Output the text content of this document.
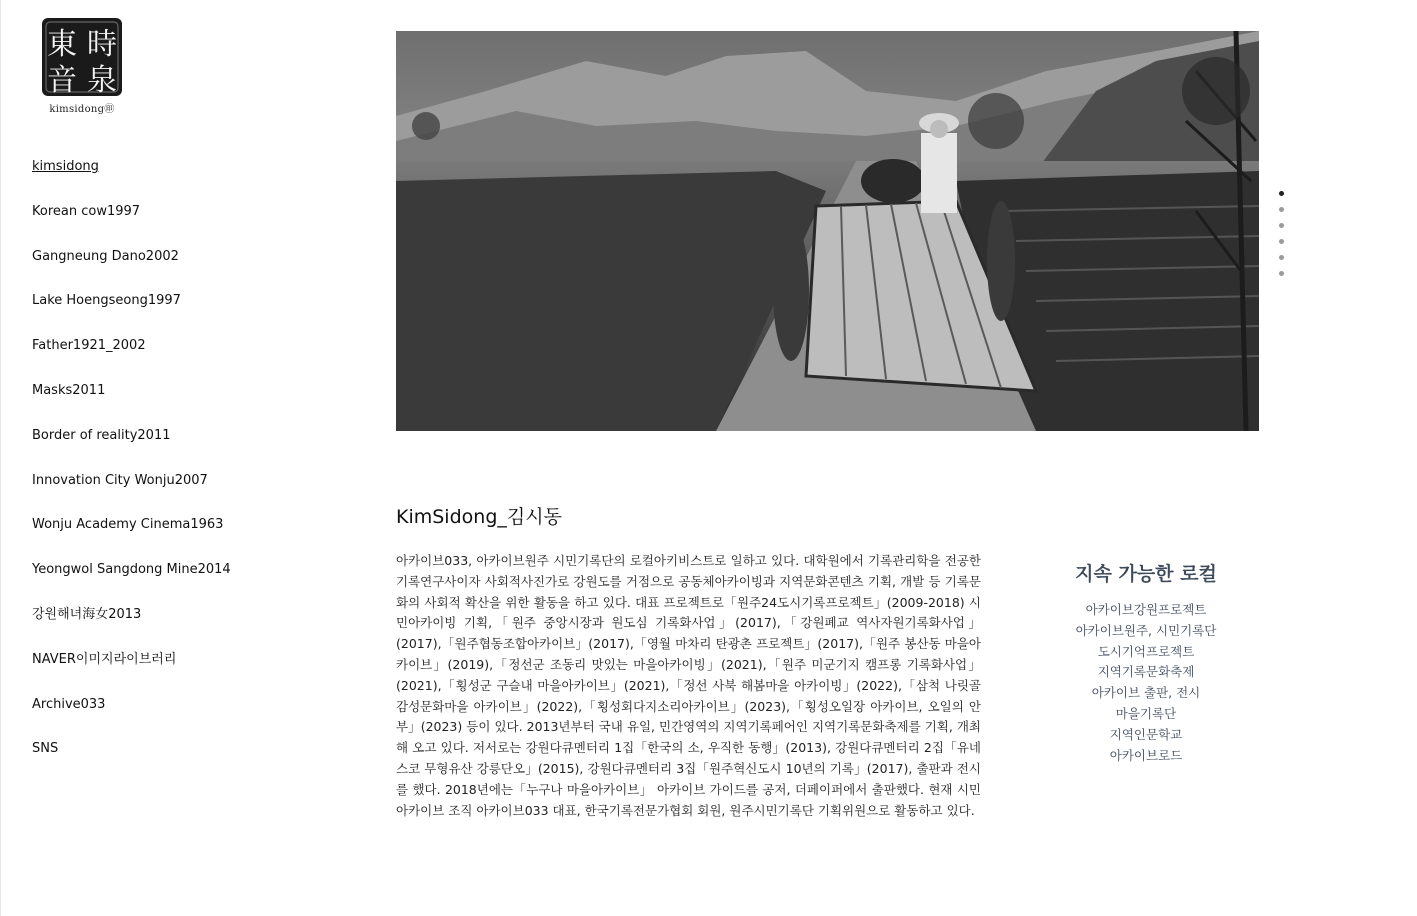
時
東
音 泉
kimsidong㊞
kimsidong
Korean cow1997
Gangneung Dano2002
Lake Hoengseong1997
Father1921_2002
Masks2011
Border of reality2011
Innovation City Wonju2007
Wonju Academy Cinema1963
Yeongwol Sangdong Mine2014
강원해녀海女2013
NAVER이미지라이브러리
Archive033
SNS
KimSidong_김시동

아카이브033, 아카이브원주 시민기록단의 로컬아키비스트로 일하고 있다. 대학원에서 기록관리학을 전공한 기록연구사이자 사회적사진가로 강원도를 거점으로 공동체아카이빙과 지역문화콘텐츠 기획, 개발 등 기록문화의 사회적 확산을 위한 활동을 하고 있다. 대표 프로젝트로「원주24도시기록프로젝트」(2009-2018) 시민아카이빙 기획,「원주 중앙시장과 원도심 기록화사업」(2017),「강원폐교 역사자원기록화사업」(2017),「원주협동조합아카이브」(2017),「영월 마차리 탄광촌 프로젝트」(2017),「원주 봉산동 마을아카이브」(2019),「정선군 조동리 맛있는 마을아카이빙」(2021),「원주 미군기지 캠프롱 기록화사업」(2021),「횡성군 구슬내 마을아카이브」(2021),「정선 사북 해봄마을 아카이빙」(2022),「삼척 나릿골 감성문화마을 아카이브」(2022),「횡성회다지소리아카이브」(2023),「횡성오일장 아카이브, 오일의 안부」(2023) 등이 있다. 2013년부터 국내 유일, 민간영역의 지역기록페어인 지역기록문화축제를 기획, 개최해 오고 있다. 저서로는 강원다큐멘터리 1집「한국의 소, 우직한 동행」(2013), 강원다큐멘터리 2집「유네스코 무형유산 강릉단오」(2015), 강원다큐멘터리 3집「원주혁신도시 10년의 기록」(2017), 출판과 전시를 했다. 2018년에는「누구나 마을아카이브」 아카이브 가이드를 공저, 더페이퍼에서 출판했다. 현재 시민아카이브 조직 아카이브033 대표, 한국기록전문가협회 회원, 원주시민기록단 기획위원으로 활동하고 있다.

지속 가능한 로컬
아카이브강원프로젝트
아카이브원주, 시민기록단
도시기억프로젝트
지역기록문화축제
아카이브 출판, 전시
마을기록단
지역인문학교
아카이브로드
